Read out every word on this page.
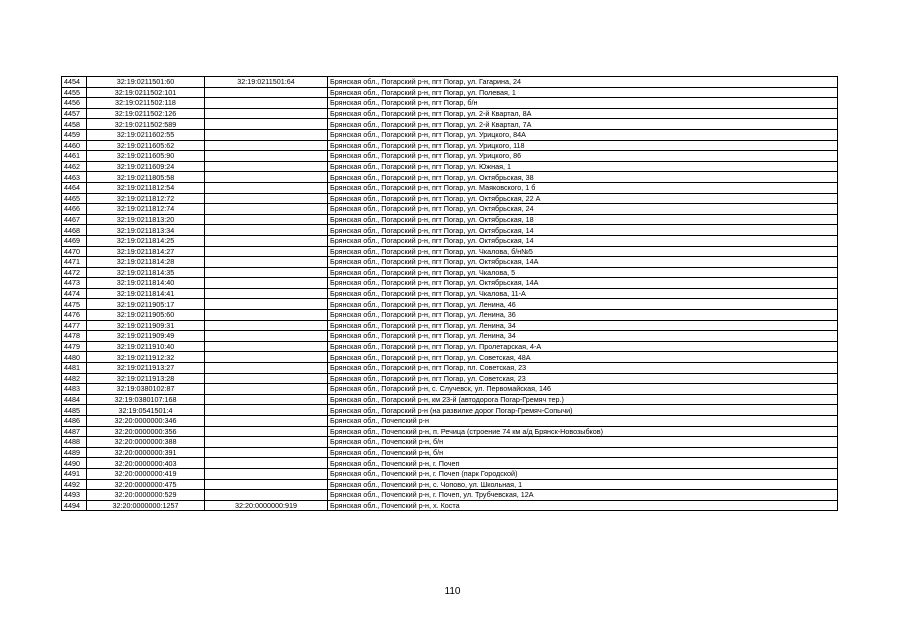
4454	32:19:0211501:60	32:19:0211501:64	Брянская обл., Погарский р-н, пгт Погар, ул. Гагарина, 24
4455	32:19:0211502:101		Брянская обл., Погарский р-н, пгт Погар, ул. Полевая, 1
4456	32:19:0211502:118		Брянская обл., Погарский р-н, пгт Погар, б/н
4457	32:19:0211502:126		Брянская обл., Погарский р-н, пгт Погар, ул. 2-й Квартал, 8А
4458	32:19:0211502:589		Брянская обл., Погарский р-н, пгт Погар, ул. 2-й Квартал, 7А
4459	32:19:0211602:55		Брянская обл., Погарский р-н, пгт Погар, ул. Урицкого, 84А
4460	32:19:0211605:62		Брянская обл., Погарский р-н, пгт Погар, ул. Урицкого, 118
4461	32:19:0211605:90		Брянская обл., Погарский р-н, пгт Погар, ул. Урицкого, 86
4462	32:19:0211609:24		Брянская обл., Погарский р-н, пгт Погар, ул. Южная, 1
4463	32:19:0211805:58		Брянская обл., Погарский р-н, пгт Погар, ул. Октябрьская, 38
4464	32:19:0211812:54		Брянская обл., Погарский р-н, пгт Погар, ул. Маяковского, 1 б
4465	32:19:0211812:72		Брянская обл., Погарский р-н, пгт Погар, ул. Октябрьская, 22 А
4466	32:19:0211812:74		Брянская обл., Погарский р-н, пгт Погар, ул. Октябрьская, 24
4467	32:19:0211813:20		Брянская обл., Погарский р-н, пгт Погар, ул. Октябрьская, 18
4468	32:19:0211813:34		Брянская обл., Погарский р-н, пгт Погар, ул. Октябрьская, 14
4469	32:19:0211814:25		Брянская обл., Погарский р-н, пгт Погар, ул. Октябрьская, 14
4470	32:19:0211814:27		Брянская обл., Погарский р-н, пгт Погар, ул. Чкалова, б/н№5
4471	32:19:0211814:28		Брянская обл., Погарский р-н, пгт Погар, ул. Октябрьская, 14А
4472	32:19:0211814:35		Брянская обл., Погарский р-н, пгт Погар, ул. Чкалова, 5
4473	32:19:0211814:40		Брянская обл., Погарский р-н, пгт Погар, ул. Октябрьская, 14А
4474	32:19:0211814:41		Брянская обл., Погарский р-н, пгт Погар, ул. Чкалова, 11-А
4475	32:19:0211905:17		Брянская обл., Погарский р-н, пгт Погар, ул. Ленина, 46
4476	32:19:0211905:60		Брянская обл., Погарский р-н, пгт Погар, ул. Ленина, 36
4477	32:19:0211909:31		Брянская обл., Погарский р-н, пгт Погар, ул. Ленина, 34
4478	32:19:0211909:49		Брянская обл., Погарский р-н, пгт Погар, ул. Ленина, 34
4479	32:19:0211910:40		Брянская обл., Погарский р-н, пгт Погар, ул. Пролетарская, 4-А
4480	32:19:0211912:32		Брянская обл., Погарский р-н, пгт Погар, ул. Советская, 48А
4481	32:19:0211913:27		Брянская обл., Погарский р-н, пгт Погар, пл. Советская, 23
4482	32:19:0211913:28		Брянская обл., Погарский р-н, пгт Погар, ул. Советская, 23
4483	32:19:0380102:87		Брянская обл., Погарский р-н, с. Случевск, ул. Первомайская, 146
4484	32:19:0380107:168		Брянская обл., Погарский р-н, км 23-й (автодорога Погар-Гремяч тер.)
4485	32:19:0541501:4		Брянская обл., Погарский р-н (на развилке дорог Погар-Гремяч-Сопычи)
4486	32:20:0000000:346		Брянская обл., Почепский р-н
4487	32:20:0000000:356		Брянская обл., Почепский р-н, п. Речица (строение 74 км а/д Брянск-Новозыбков)
4488	32:20:0000000:388		Брянская обл., Почепский р-н, б/н
4489	32:20:0000000:391		Брянская обл., Почепский р-н, б/н
4490	32:20:0000000:403		Брянская обл., Почепский р-н, г. Почеп
4491	32:20:0000000:419		Брянская обл., Почепский р-н, г. Почеп (парк Городской)
4492	32:20:0000000:475		Брянская обл., Почепский р-н, с. Чопово, ул. Школьная, 1
4493	32:20:0000000:529		Брянская обл., Почепский р-н, г. Почеп, ул. Трубчевская, 12А
4494	32:20:0000000:1257	32:20:0000000:919	Брянская обл., Почепский р-н, х. Коста
110
